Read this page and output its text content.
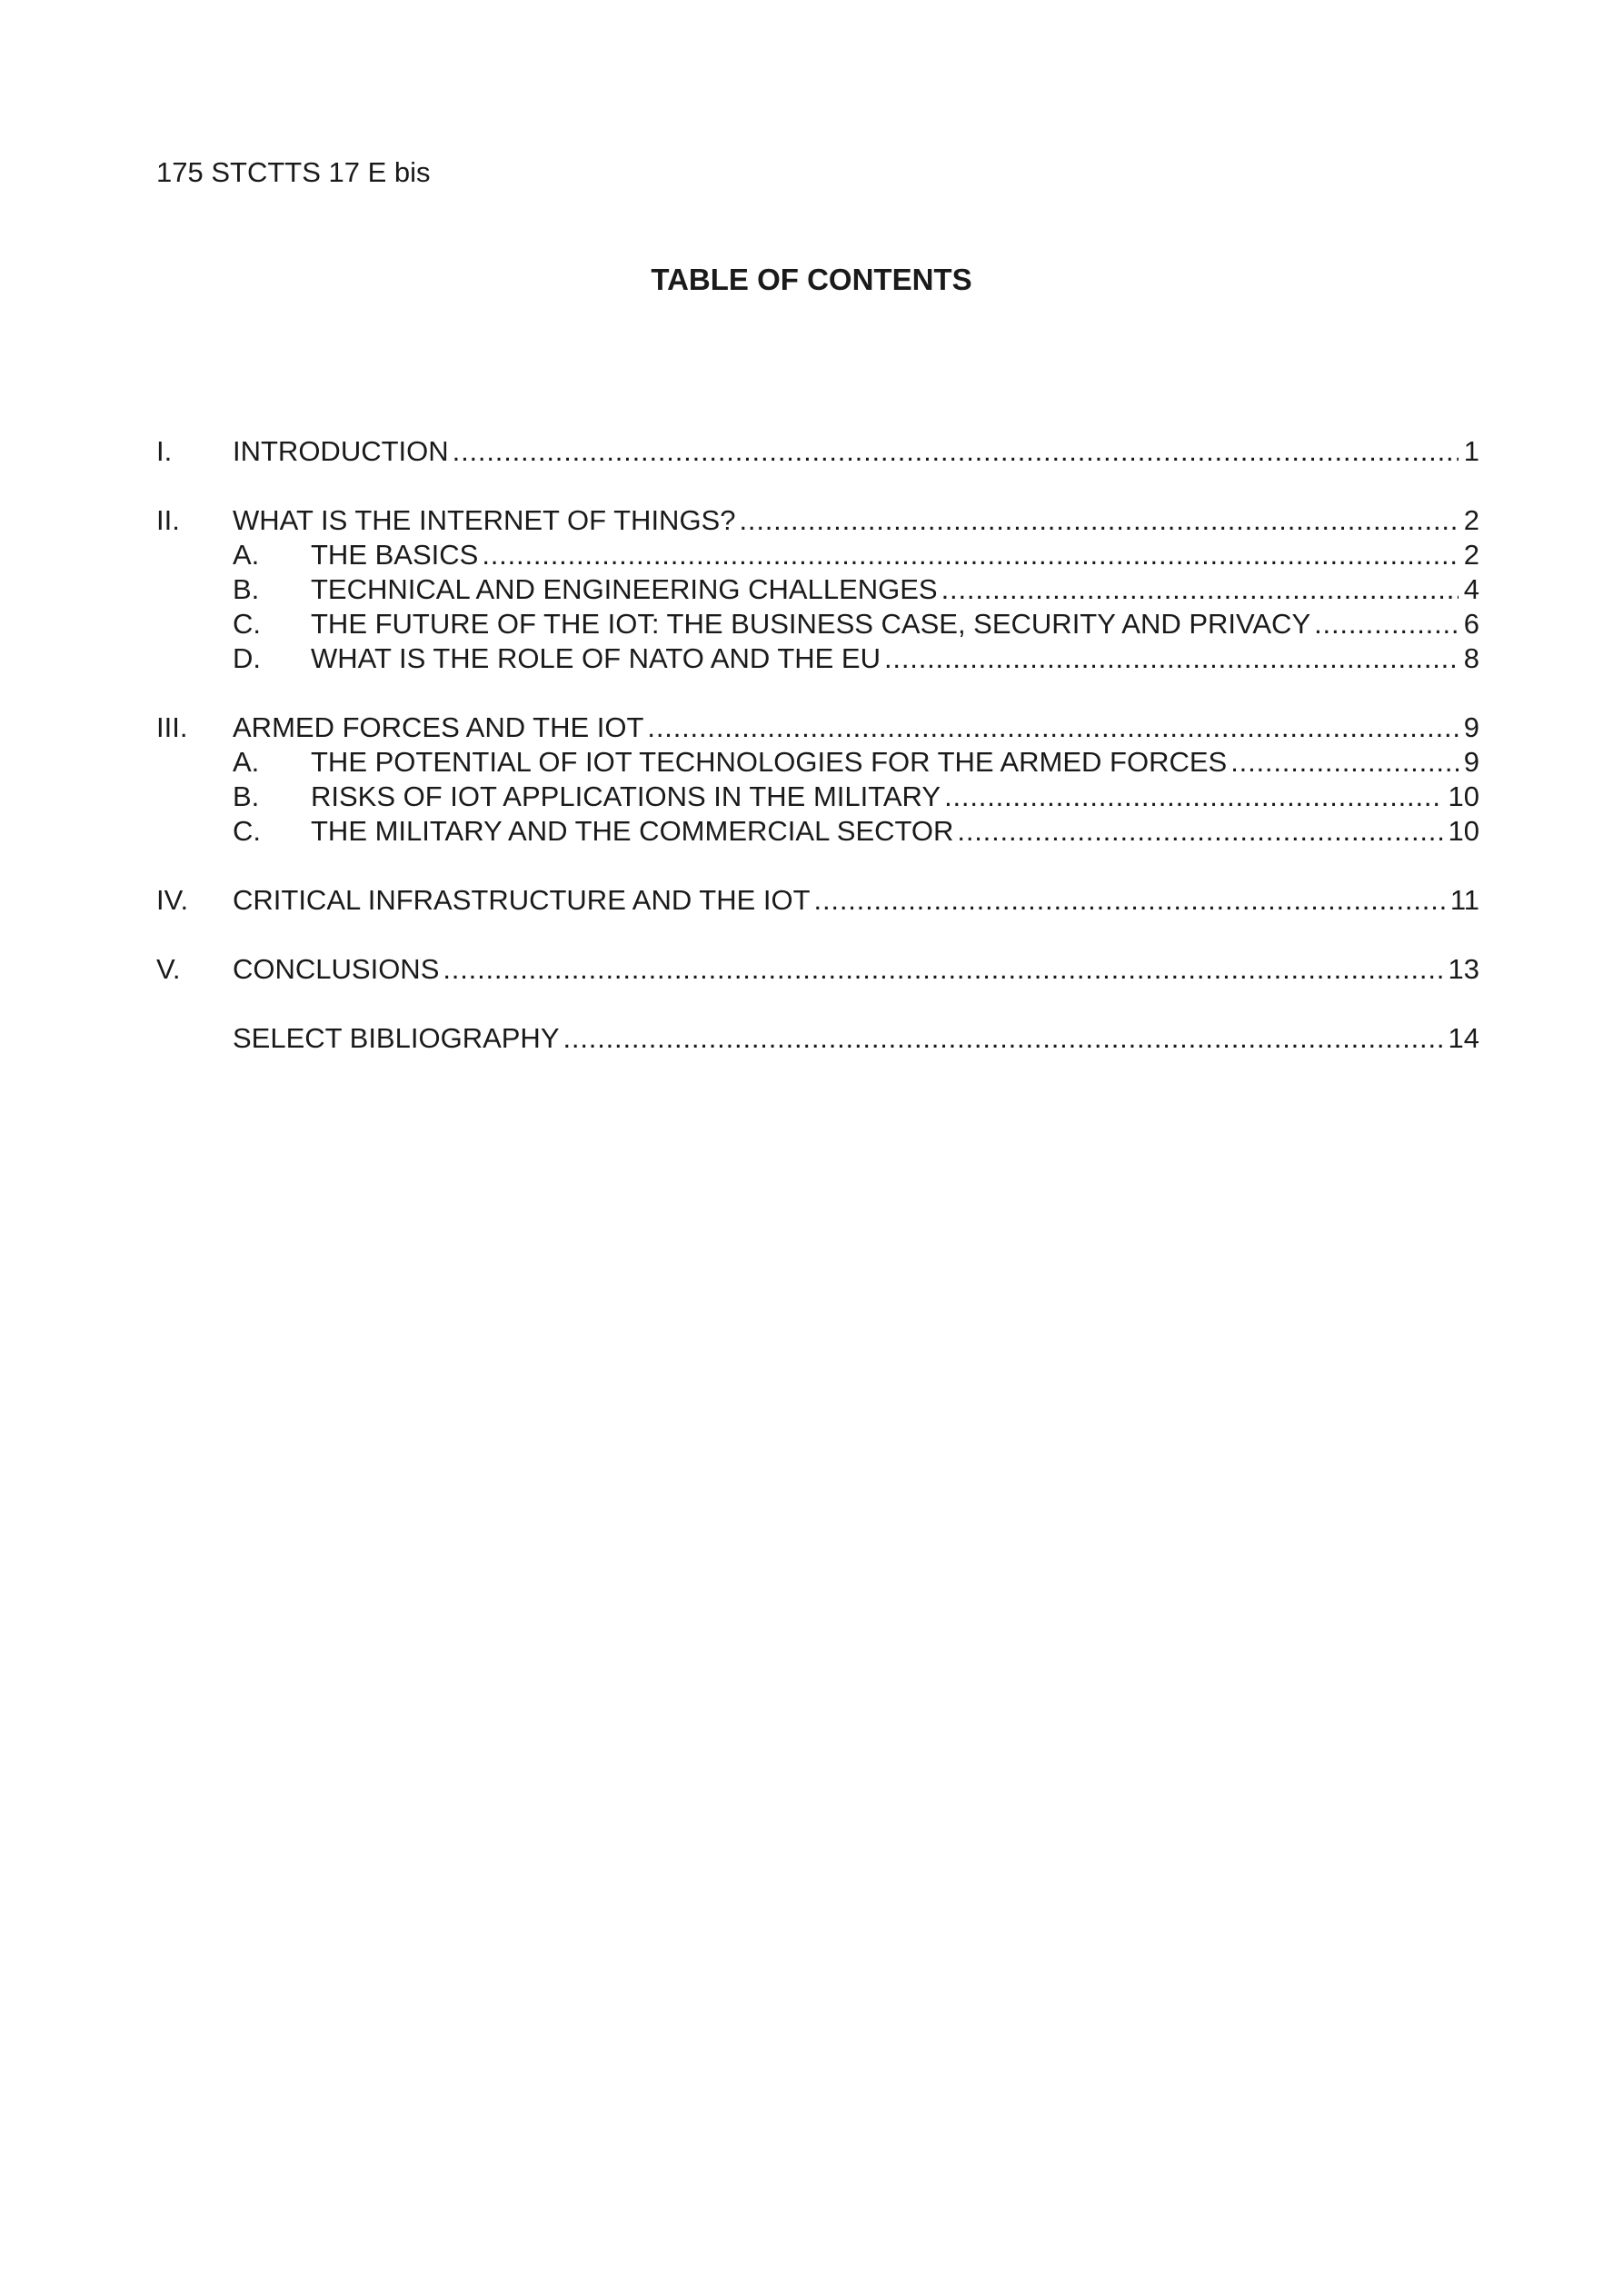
175 STCTTS 17 E bis
TABLE OF CONTENTS
I. INTRODUCTION . . .	1
II. WHAT IS THE INTERNET OF THINGS? . . .	2
A. THE BASICS . . .	2
B. TECHNICAL AND ENGINEERING CHALLENGES . . .	4
C. THE FUTURE OF THE IOT: THE BUSINESS CASE, SECURITY AND PRIVACY . . .	6
D. WHAT IS THE ROLE OF NATO AND THE EU . . .	8
III. ARMED FORCES AND THE IOT . . .	9
A. THE POTENTIAL OF IOT TECHNOLOGIES FOR THE ARMED FORCES . . .	9
B. RISKS OF IOT APPLICATIONS IN THE MILITARY . . .	10
C. THE MILITARY AND THE COMMERCIAL SECTOR . . .	10
IV. CRITICAL INFRASTRUCTURE AND THE IOT . . .	11
V. CONCLUSIONS . . .	13
SELECT BIBLIOGRAPHY . . .	14
